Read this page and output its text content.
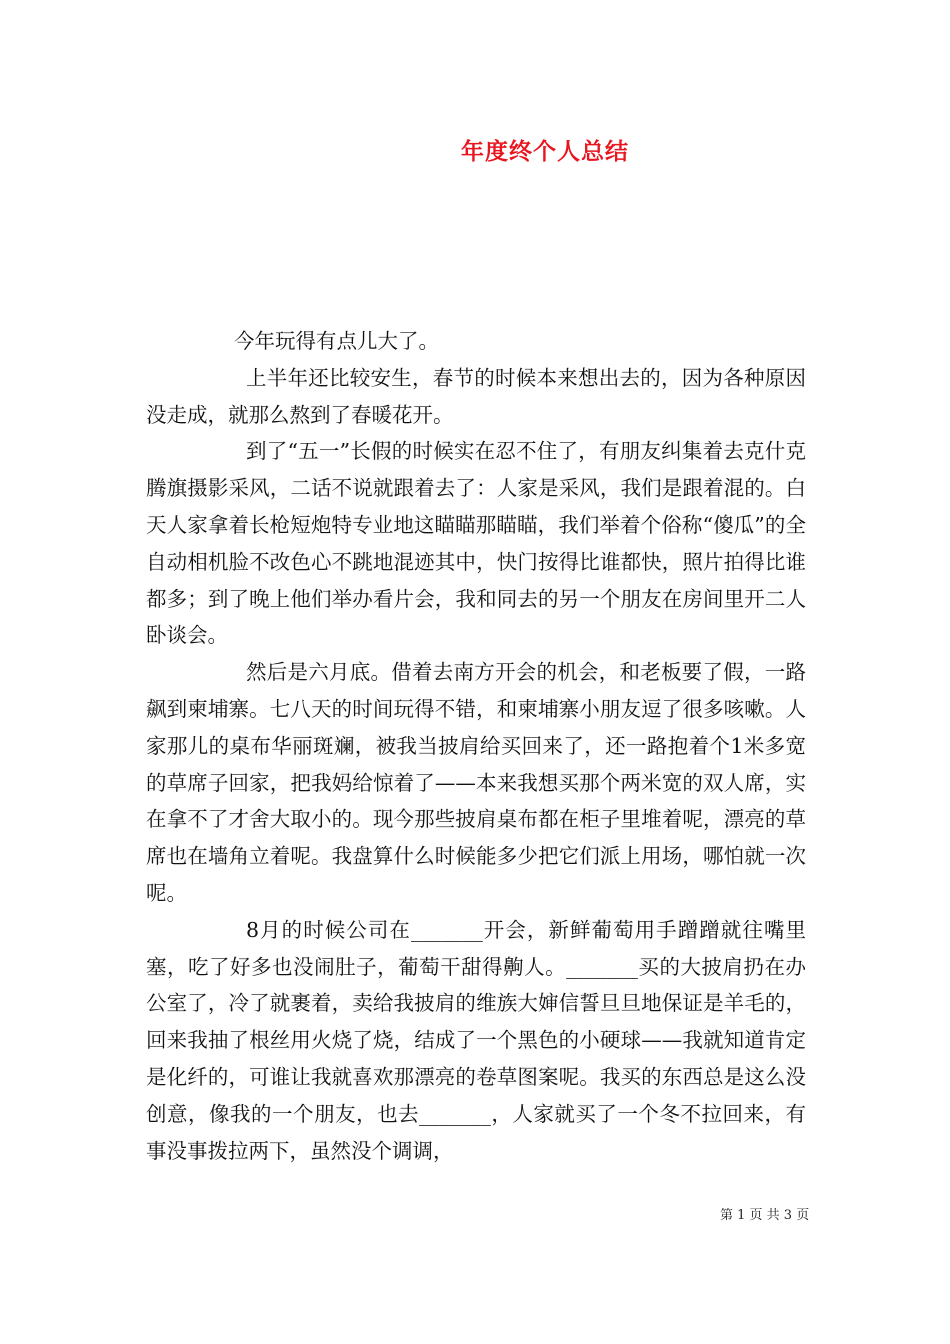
年度终个人总结

今年玩得有点儿大了。

上半年还比较安生，春节的时候本来想出去的，因为各种原因没走成，就那么熬到了春暖花开。

到了“五一”长假的时候实在忍不住了，有朋友纠集着去克什克腾旗摄影采风，二话不说就跟着去了：人家是采风，我们是跟着混的。白天人家拿着长枪短炮特专业地这瞄瞄那瞄瞄，我们举着个俗称“傻瓜”的全自动相机脸不改色心不跳地混迹其中，快门按得比谁都快，照片拍得比谁都多；到了晚上他们举办看片会，我和同去的另一个朋友在房间里开二人卧谈会。

然后是六月底。借着去南方开会的机会，和老板要了假，一路飙到柬埔寨。七八天的时间玩得不错，和柬埔寨小朋友逗了很多咳嗽。人家那儿的桌布华丽斑斓，被我当披肩给买回来了，还一路抱着个1米多宽的草席子回家，把我妈给惊着了——本来我想买那个两米宽的双人席，实在拿不了才舍大取小的。现今那些披肩桌布都在柜子里堆着呢，漂亮的草席也在墙角立着呢。我盘算什么时候能多少把它们派上用场，哪怕就一次呢。

8月的时候公司在_______开会，新鲜葡萄用手蹭蹭就往嘴里塞，吃了好多也没闹肚子，葡萄干甜得齁人。_______买的大披肩扔在办公室了，冷了就裹着，卖给我披肩的维族大婶信誓旦旦地保证是羊毛的，回来我抽了根丝用火烧了烧，结成了一个黑色的小硬球——我就知道肯定是化纤的，可谁让我就喜欢那漂亮的卷草图案呢。我买的东西总是这么没创意，像我的一个朋友，也去_______，人家就买了一个冬不拉回来，有事没事拨拉两下，虽然没个调调，

第 1 页 共 3 页
